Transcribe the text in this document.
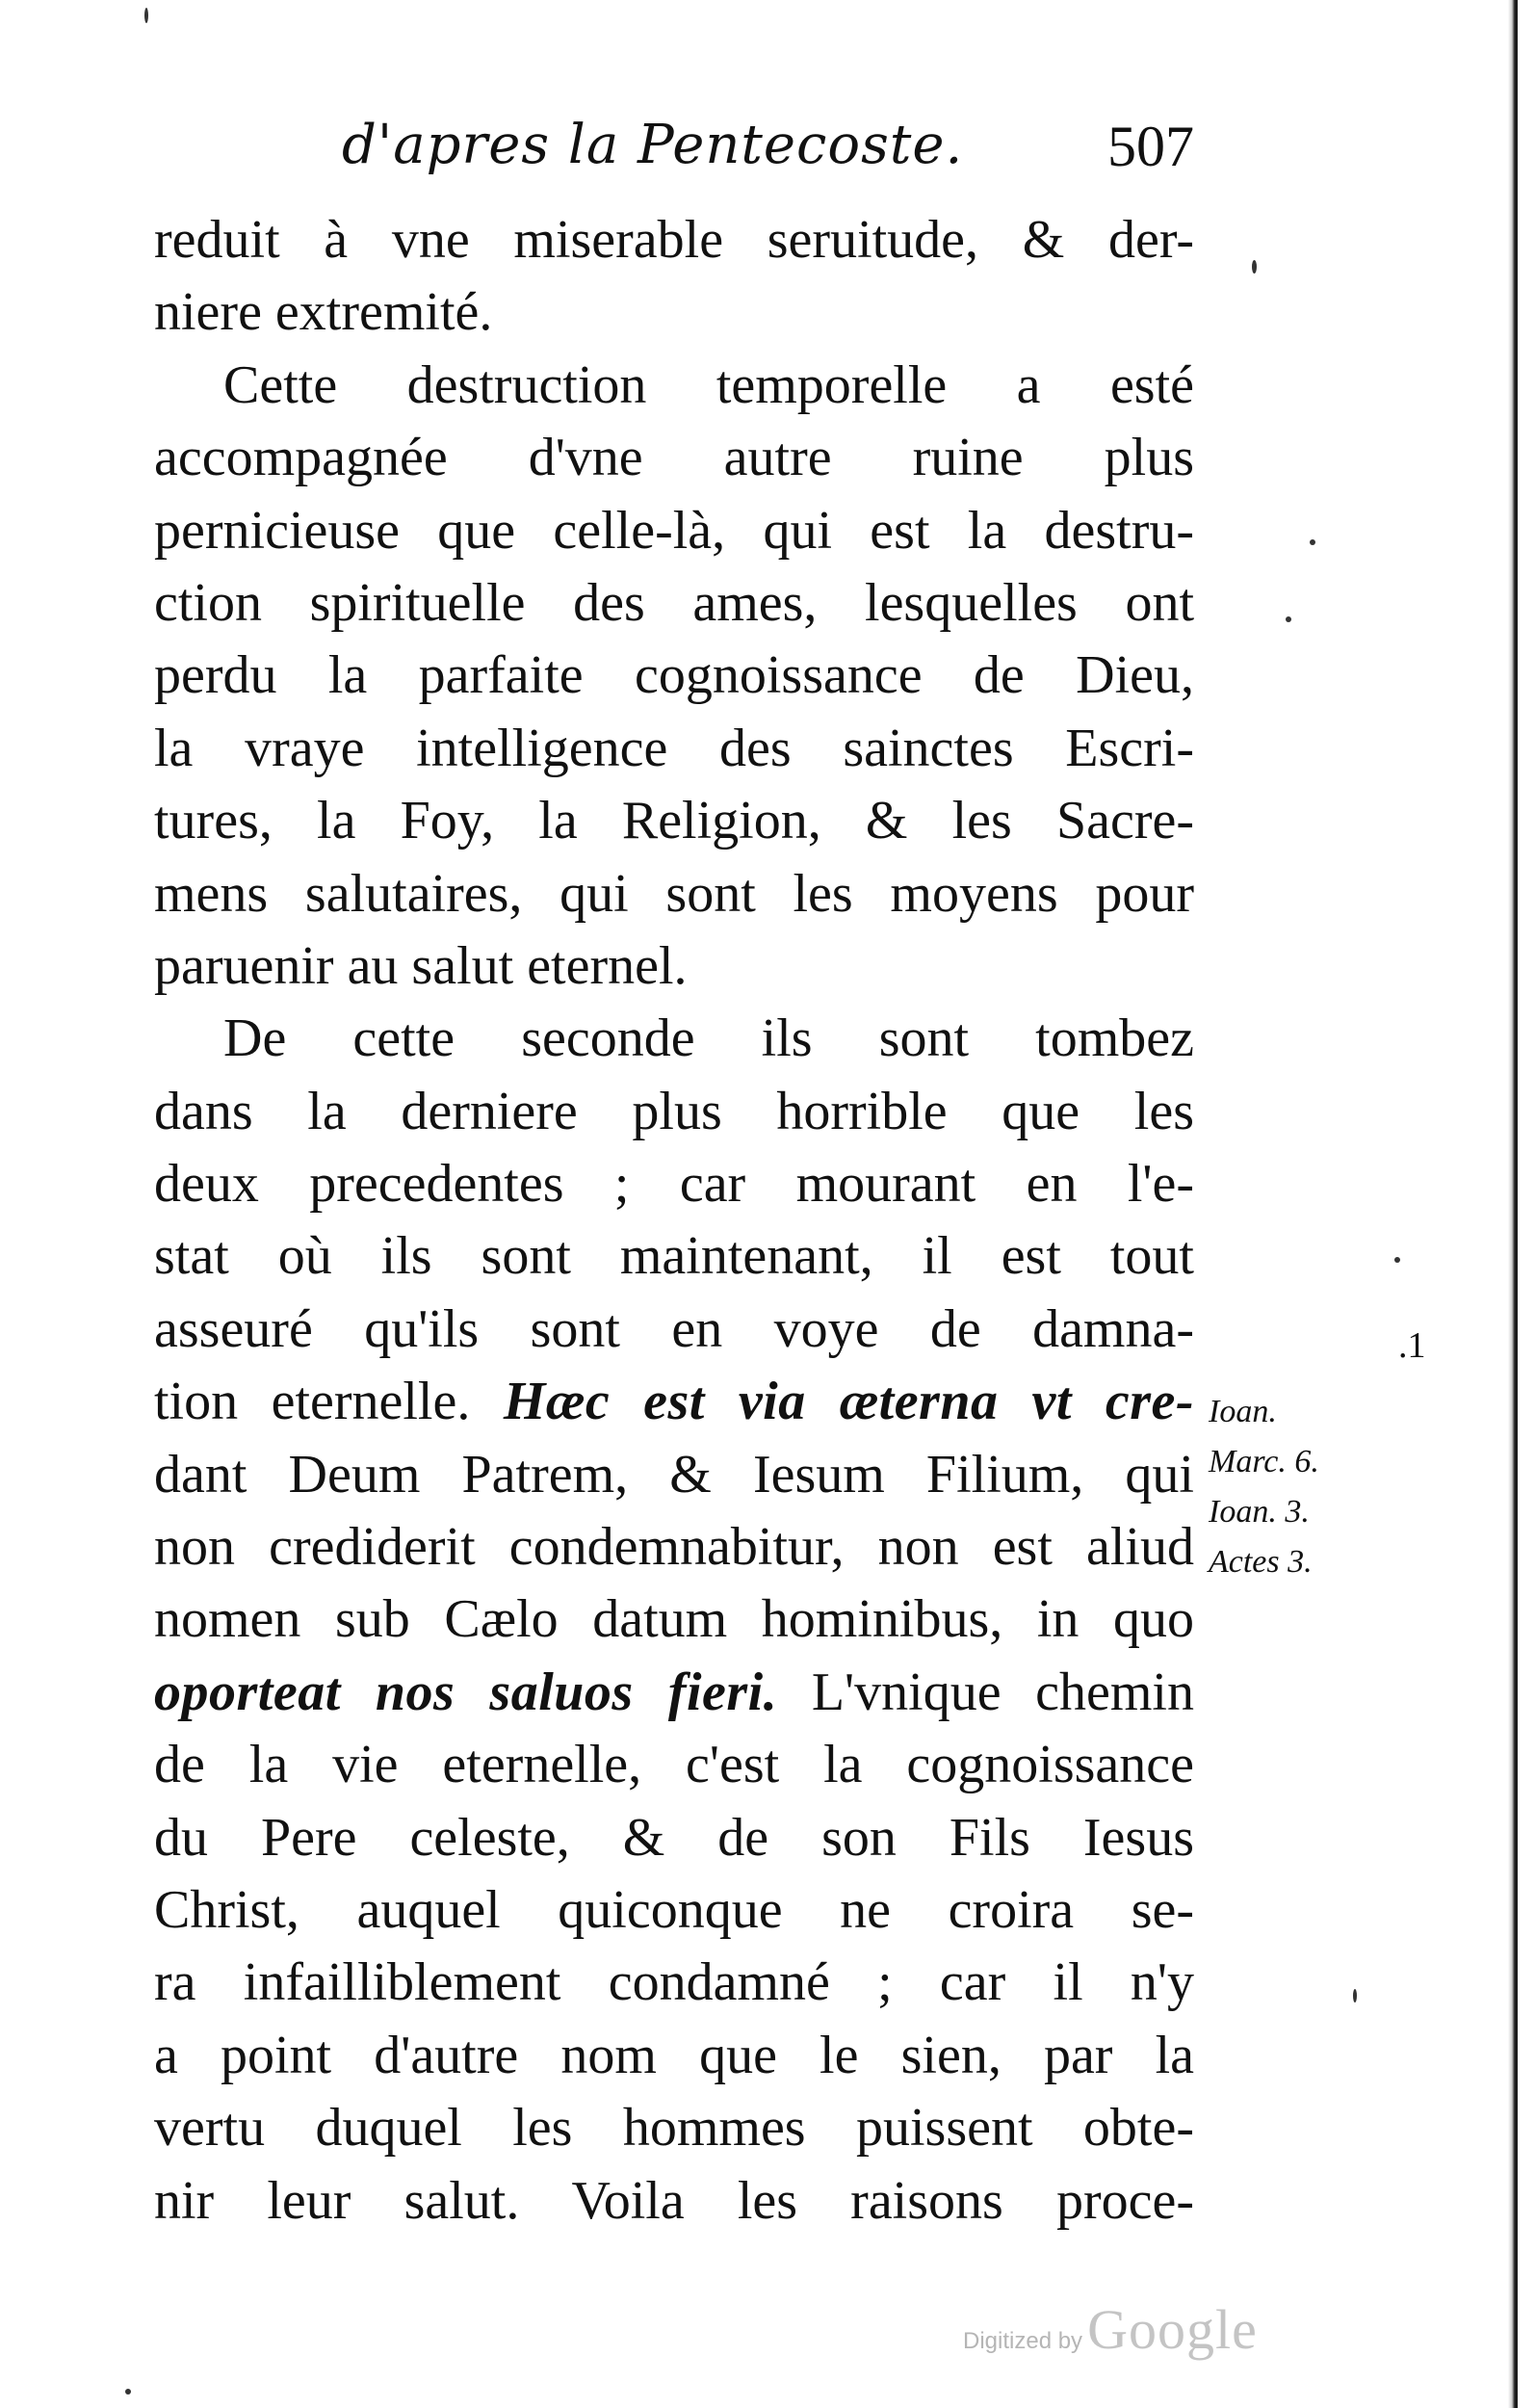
d'apres la Pentecoste. 507
reduit à vne miserable seruitude, & der-
niere extremité.
Cette destruction temporelle a esté
accompagnée d'vne autre ruine plus
pernicieuse que celle-là, qui est la destru-
ction spirituelle des ames, lesquelles ont
perdu la parfaite cognoissance de Dieu,
la vraye intelligence des sainctes Escri-
tures, la Foy, la Religion, & les Sacre-
mens salutaires, qui sont les moyens pour
paruenir au salut eternel.
De cette seconde ils sont tombez
dans la derniere plus horrible que les
deux precedentes ; car mourant en l'e-
stat où ils sont maintenant, il est tout
asseuré qu'ils sont en voye de damna-
tion eternelle. Hæc est via æterna vt cre-
dant Deum Patrem, & Iesum Filium, qui
non crediderit condemnabitur, non est aliud
nomen sub Cælo datum hominibus, in quo
oporteat nos saluos fieri. L'vnique chemin
de la vie eternelle, c'est la cognoissance
du Pere celeste, & de son Fils Iesus
Christ, auquel quiconque ne croira se-
ra infailliblement condamné ; car il n'y
a point d'autre nom que le sien, par la
vertu duquel les hommes puissent obte-
nir leur salut. Voila les raisons proce-
.1
Ioan.
Marc. 6.
Ioan. 3.
Actes 3.
Digitized by Google
